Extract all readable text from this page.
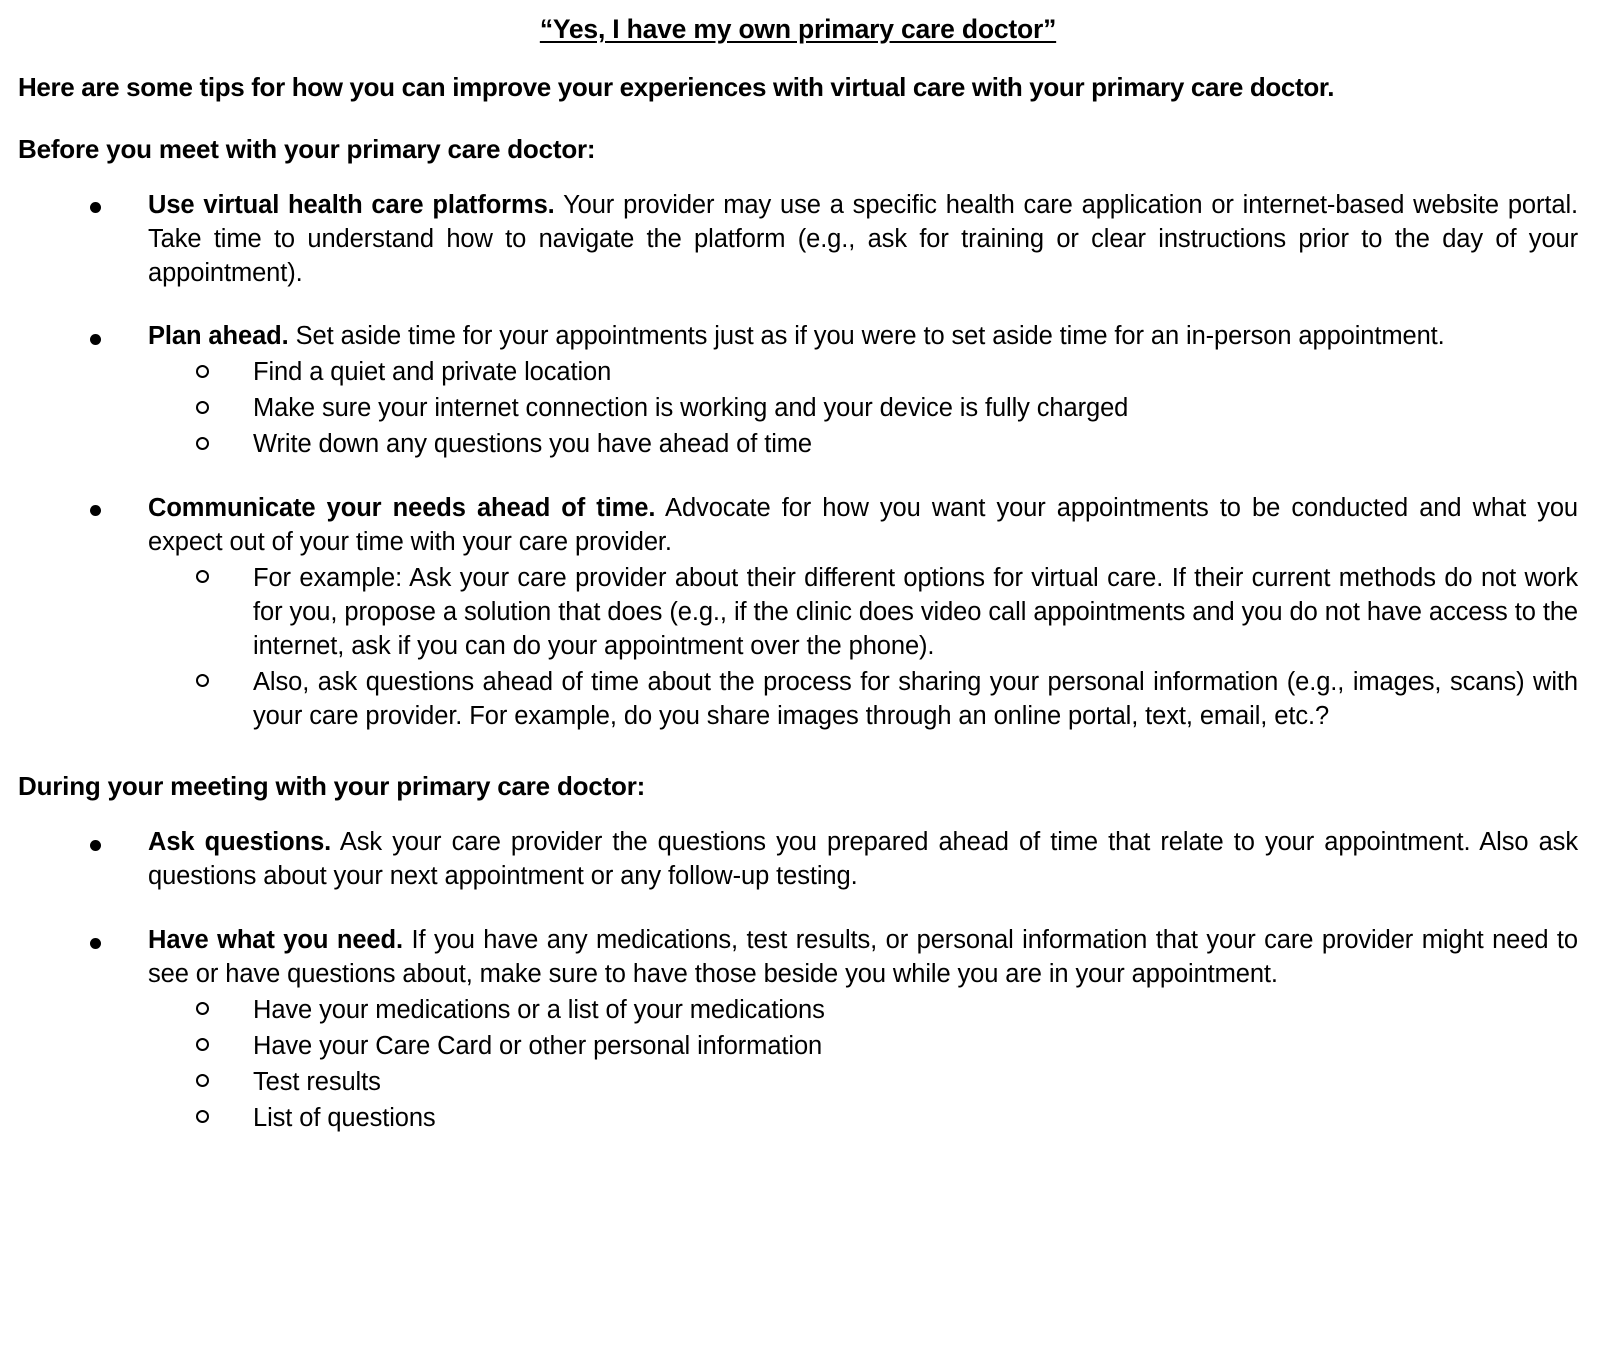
“Yes, I have my own primary care doctor”

Here are some tips for how you can improve your experiences with virtual care with your primary care doctor.

Before you meet with your primary care doctor:
Use virtual health care platforms. Your provider may use a specific health care application or internet-based website portal. Take time to understand how to navigate the platform (e.g., ask for training or clear instructions prior to the day of your appointment).
Plan ahead. Set aside time for your appointments just as if you were to set aside time for an in-person appointment.
Find a quiet and private location
Make sure your internet connection is working and your device is fully charged
Write down any questions you have ahead of time
Communicate your needs ahead of time. Advocate for how you want your appointments to be conducted and what you expect out of your time with your care provider.
For example: Ask your care provider about their different options for virtual care. If their current methods do not work for you, propose a solution that does (e.g., if the clinic does video call appointments and you do not have access to the internet, ask if you can do your appointment over the phone).
Also, ask questions ahead of time about the process for sharing your personal information (e.g., images, scans) with your care provider. For example, do you share images through an online portal, text, email, etc.?
During your meeting with your primary care doctor:
Ask questions. Ask your care provider the questions you prepared ahead of time that relate to your appointment. Also ask questions about your next appointment or any follow-up testing.
Have what you need. If you have any medications, test results, or personal information that your care provider might need to see or have questions about, make sure to have those beside you while you are in your appointment.
Have your medications or a list of your medications
Have your Care Card or other personal information
Test results
List of questions
